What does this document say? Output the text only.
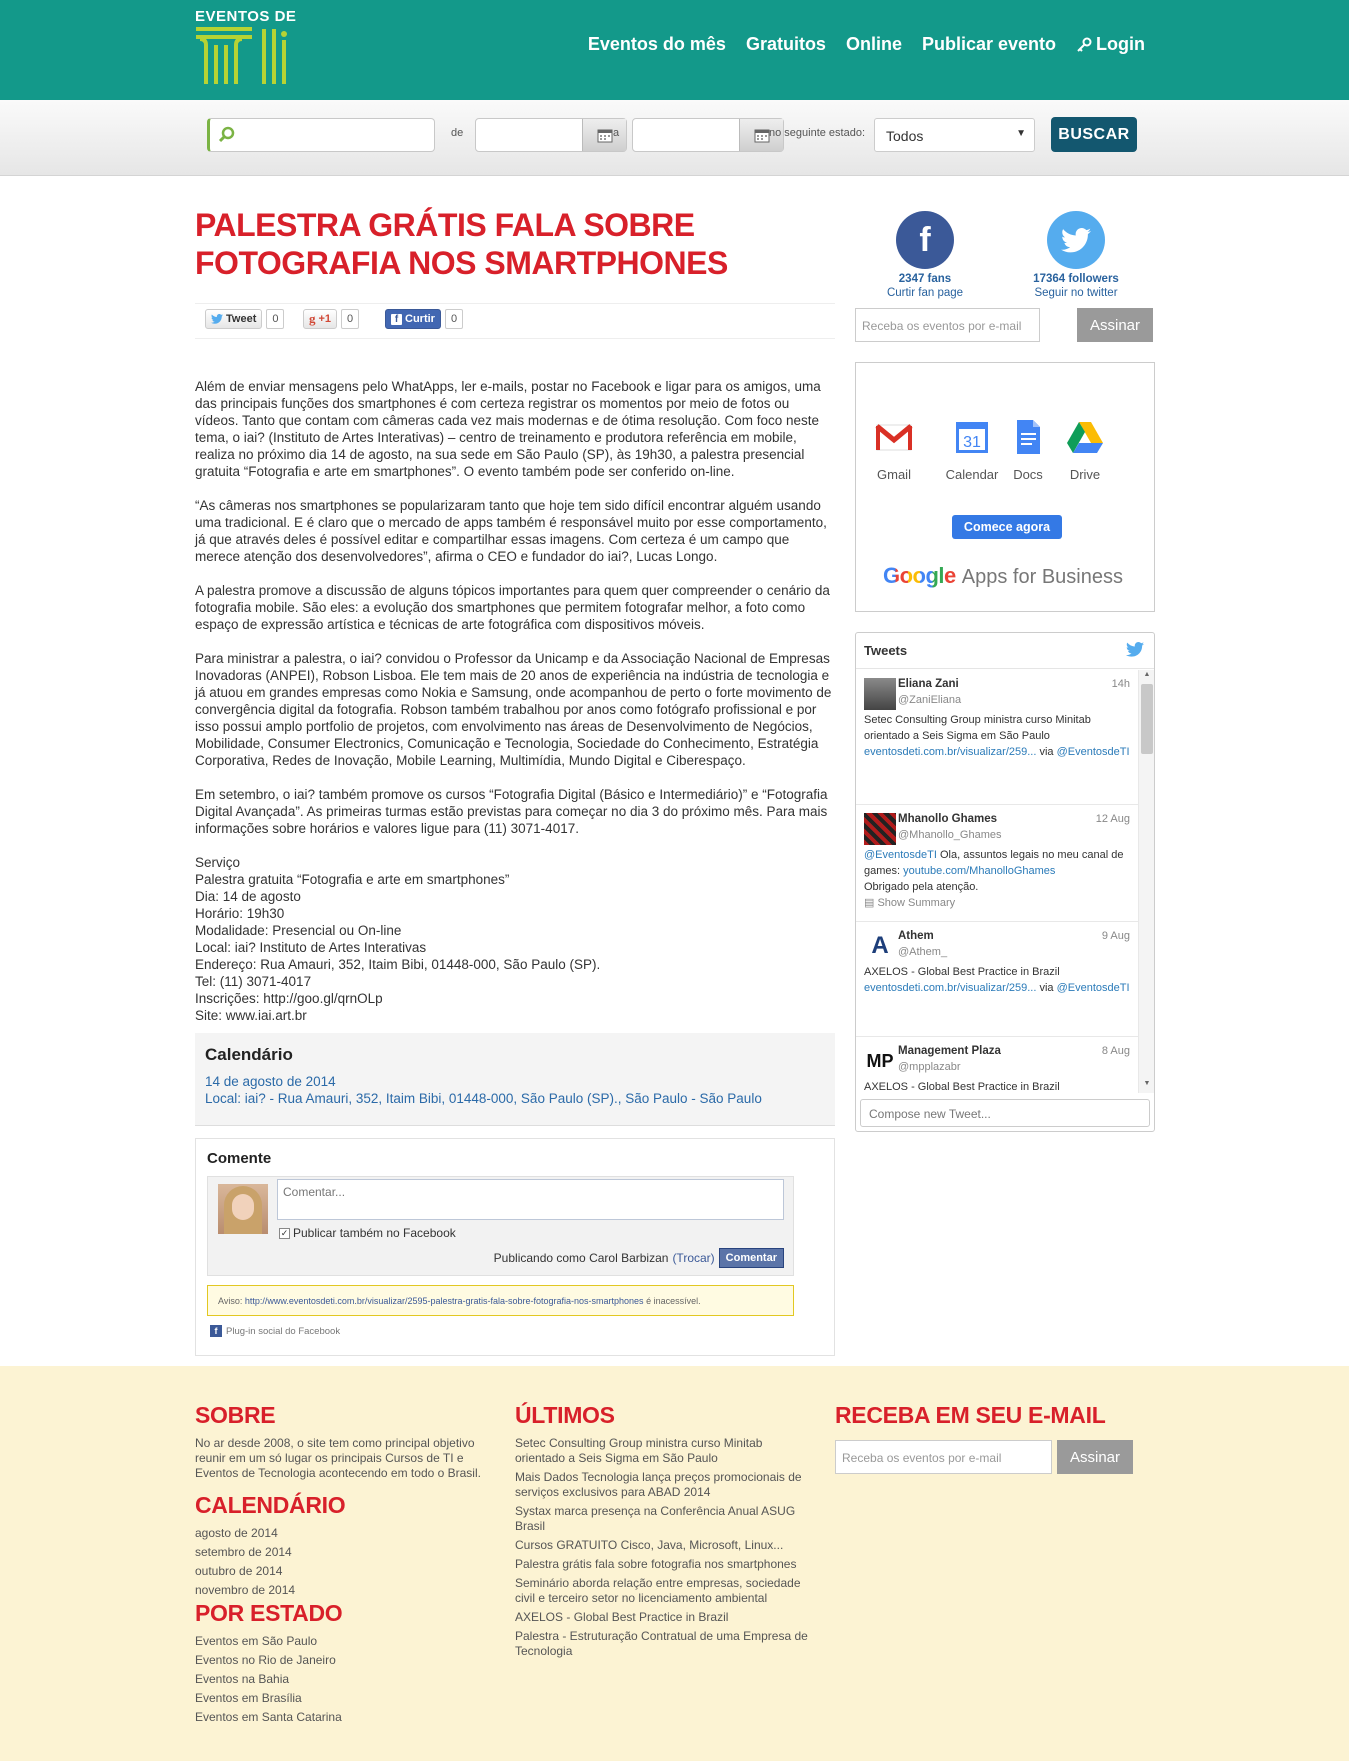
EVENTOS DE
Eventos do mês Gratuitos Online Publicar evento Login
de	a	no seguinte estado:	Todos	▼	BUSCAR
PALESTRA GRÁTIS FALA SOBRE FOTOGRAFIA NOS SMARTPHONES
Tweet	0	g +1	0	f Curtir	0

Além de enviar mensagens pelo WhatApps, ler e-mails, postar no Facebook e ligar para os amigos, uma das principais funções dos smartphones é com certeza registrar os momentos por meio de fotos ou vídeos. Tanto que contam com câmeras cada vez mais modernas e de ótima resolução. Com foco neste tema, o iai? (Instituto de Artes Interativas) – centro de treinamento e produtora referência em mobile, realiza no próximo dia 14 de agosto, na sua sede em São Paulo (SP), às 19h30, a palestra presencial gratuita “Fotografia e arte em smartphones”. O evento também pode ser conferido on-line.

“As câmeras nos smartphones se popularizaram tanto que hoje tem sido difícil encontrar alguém usando uma tradicional. E é claro que o mercado de apps também é responsável muito por esse comportamento, já que através deles é possível editar e compartilhar essas imagens. Com certeza é um campo que merece atenção dos desenvolvedores”, afirma o CEO e fundador do iai?, Lucas Longo.

A palestra promove a discussão de alguns tópicos importantes para quem quer compreender o cenário da fotografia mobile. São eles: a evolução dos smartphones que permitem fotografar melhor, a foto como espaço de expressão artística e técnicas de arte fotográfica com dispositivos móveis.

Para ministrar a palestra, o iai? convidou o Professor da Unicamp e da Associação Nacional de Empresas Inovadoras (ANPEI), Robson Lisboa. Ele tem mais de 20 anos de experiência na indústria de tecnologia e já atuou em grandes empresas como Nokia e Samsung, onde acompanhou de perto o forte movimento de convergência digital da fotografia. Robson também trabalhou por anos como fotógrafo profissional e por isso possui amplo portfolio de projetos, com envolvimento nas áreas de Desenvolvimento de Negócios, Mobilidade, Consumer Electronics, Comunicação e Tecnologia, Sociedade do Conhecimento, Estratégia Corporativa, Redes de Inovação, Mobile Learning, Multimídia, Mundo Digital e Ciberespaço.

Em setembro, o iai? também promove os cursos “Fotografia Digital (Básico e Intermediário)” e “Fotografia Digital Avançada”. As primeiras turmas estão previstas para começar no dia 3 do próximo mês. Para mais informações sobre horários e valores ligue para (11) 3071-4017.

Serviço
Palestra gratuita “Fotografia e arte em smartphones”
Dia: 14 de agosto
Horário: 19h30
Modalidade: Presencial ou On-line
Local: iai? Instituto de Artes Interativas
Endereço: Rua Amauri, 352, Itaim Bibi, 01448-000, São Paulo (SP).
Tel: (11) 3071-4017
Inscrições: http://goo.gl/qrnOLp
Site: www.iai.art.br
Calendário
14 de agosto de 2014
Local: iai? - Rua Amauri, 352, Itaim Bibi, 01448-000, São Paulo (SP)., São Paulo - São Paulo
Comente
Comentar...
✓ Publicar também no Facebook
Publicando como Carol Barbizan (Trocar)	Comentar
Aviso: http://www.eventosdeti.com.br/visualizar/2595-palestra-gratis-fala-sobre-fotografia-nos-smartphones é inacessível.
f Plug-in social do Facebook
f
2347 fans
Curtir fan page
17364 followers
Seguir no twitter
Receba os eventos por e-mail	Assinar
Gmail
31
Calendar	Docs	Drive
Comece agora
Google Apps for Business
Tweets
14h
Eliana Zani
@ZaniEliana
Setec Consulting Group ministra curso Minitab orientado a Seis Sigma em São Paulo eventosdeti.com.br/visualizar/259... via @EventosdeTI
12 Aug
Mhanollo Ghames
@Mhanollo_Ghames
@EventosdeTI Ola, assuntos legais no meu canal de games: youtube.com/MhanolloGhames
Obrigado pela atenção.
▤ Show Summary
A	9 Aug
Athem
@Athem_
AXELOS - Global Best Practice in Brazil eventosdeti.com.br/visualizar/259... via @EventosdeTI
MP	8 Aug
Management Plaza
@mpplazabr
AXELOS - Global Best Practice in Brazil
▲
▼
Compose new Tweet...
SOBRE
No ar desde 2008, o site tem como principal objetivo reunir em um só lugar os principais Cursos de TI e Eventos de Tecnologia acontecendo em todo o Brasil.
CALENDÁRIO
agosto de 2014
setembro de 2014
outubro de 2014
novembro de 2014
POR ESTADO
Eventos em São Paulo
Eventos no Rio de Janeiro
Eventos na Bahia
Eventos em Brasília
Eventos em Santa Catarina
ÚLTIMOS
Setec Consulting Group ministra curso Minitab orientado a Seis Sigma em São Paulo
Mais Dados Tecnologia lança preços promocionais de serviços exclusivos para ABAD 2014
Systax marca presença na Conferência Anual ASUG Brasil
Cursos GRATUITO Cisco, Java, Microsoft, Linux...
Palestra grátis fala sobre fotografia nos smartphones
Seminário aborda relação entre empresas, sociedade civil e terceiro setor no licenciamento ambiental
AXELOS - Global Best Practice in Brazil
Palestra - Estruturação Contratual de uma Empresa de Tecnologia
RECEBA EM SEU E-MAIL
Receba os eventos por e-mail	Assinar
